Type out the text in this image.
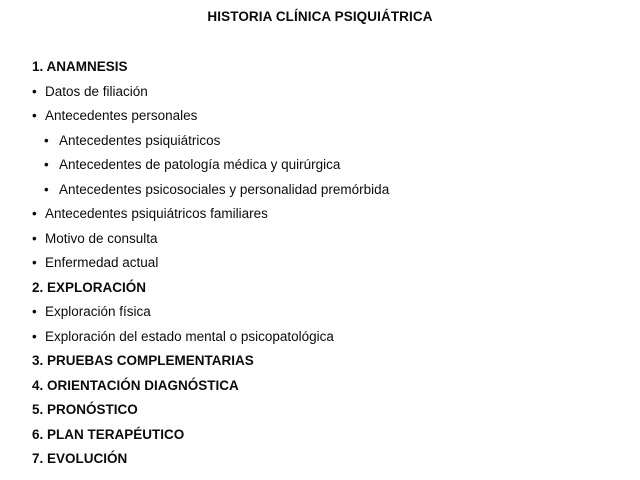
HISTORIA CLÍNICA PSIQUIÁTRICA
1. ANAMNESIS
• Datos de filiación
• Antecedentes personales
• Antecedentes psiquiátricos
• Antecedentes de patología médica y quirúrgica
• Antecedentes psicosociales y personalidad premórbida
• Antecedentes psiquiátricos familiares
• Motivo de consulta
• Enfermedad actual
2. EXPLORACIÓN
• Exploración física
• Exploración del estado mental o psicopatológica
3. PRUEBAS COMPLEMENTARIAS
4. ORIENTACIÓN DIAGNÓSTICA
5. PRONÓSTICO
6. PLAN TERAPÉUTICO
7. EVOLUCIÓN
